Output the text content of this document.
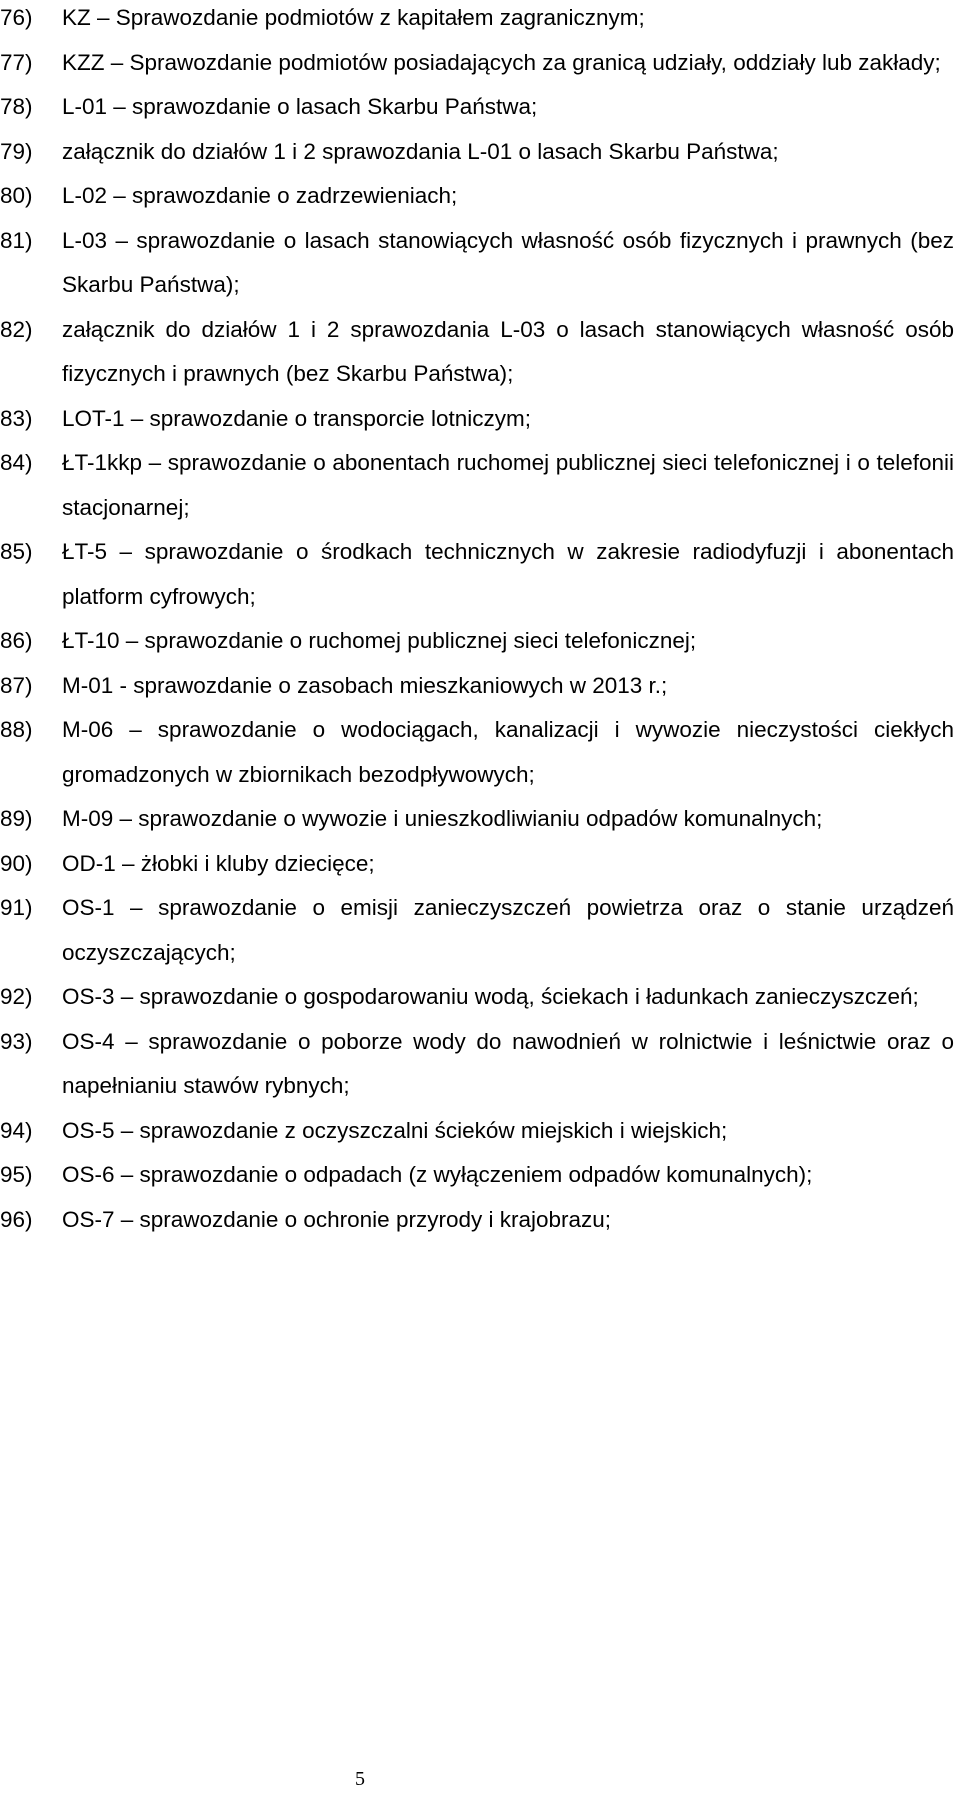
76)	KZ – Sprawozdanie podmiotów z kapitałem zagranicznym;
77)	KZZ – Sprawozdanie podmiotów posiadających za granicą udziały, oddziały lub zakłady;
78)	L-01 – sprawozdanie o lasach Skarbu Państwa;
79)	załącznik do działów 1 i 2 sprawozdania L-01 o lasach Skarbu Państwa;
80)	L-02 – sprawozdanie o zadrzewieniach;
81)	L-03 – sprawozdanie o lasach stanowiących własność osób fizycznych i prawnych (bez Skarbu Państwa);
82)	załącznik do działów 1 i 2 sprawozdania L-03 o lasach stanowiących własność osób fizycznych i prawnych (bez Skarbu Państwa);
83)	LOT-1 – sprawozdanie o transporcie lotniczym;
84)	ŁT-1kkp – sprawozdanie o abonentach ruchomej publicznej sieci telefonicznej i o telefonii stacjonarnej;
85)	ŁT-5 – sprawozdanie o środkach technicznych w zakresie radiodyfuzji i abonentach platform cyfrowych;
86)	ŁT-10 – sprawozdanie o ruchomej publicznej sieci telefonicznej;
87)	M-01 - sprawozdanie o zasobach mieszkaniowych w 2013 r.;
88)	M-06 – sprawozdanie o wodociągach, kanalizacji i wywozie nieczystości ciekłych gromadzonych w zbiornikach bezodpływowych;
89)	M-09 – sprawozdanie o wywozie i unieszkodliwianiu odpadów komunalnych;
90)	OD-1 – żłobki i kluby dziecięce;
91)	OS-1 – sprawozdanie o emisji zanieczyszczeń powietrza oraz o stanie urządzeń oczyszczających;
92)	OS-3 – sprawozdanie o gospodarowaniu wodą, ściekach i ładunkach zanieczyszczeń;
93)	OS-4 – sprawozdanie o poborze wody do nawodnień w rolnictwie i leśnictwie oraz o napełnianiu stawów rybnych;
94)	OS-5 – sprawozdanie z oczyszczalni ścieków miejskich i wiejskich;
95)	OS-6 – sprawozdanie o odpadach (z wyłączeniem odpadów komunalnych);
96)	OS-7 – sprawozdanie o ochronie przyrody i krajobrazu;
5
